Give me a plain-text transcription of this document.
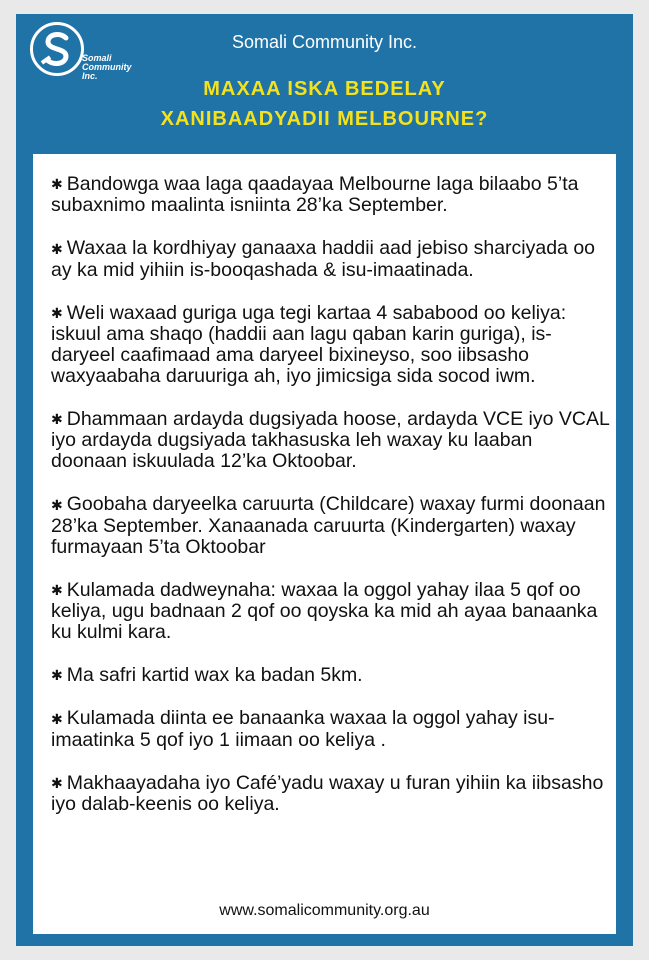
Somali
Community
Inc.
Somali Community Inc.
MAXAA ISKA BEDELAY
XANIBAADYADII MELBOURNE?
✱ Bandowga waa laga qaadayaa Melbourne laga bilaabo 5’ta subaxnimo maalinta isniinta 28’ka September.
✱ Waxaa la kordhiyay ganaaxa haddii aad jebiso sharciyada oo ay ka mid yihiin is-booqashada & isu-imaatinada.
✱ Weli waxaad guriga uga tegi kartaa 4 sababood oo keliya: iskuul ama shaqo (haddii aan lagu qaban karin guriga), is-daryeel caafimaad ama daryeel bixineyso, soo iibsasho waxyaabaha daruuriga ah, iyo jimicsiga sida socod iwm.
✱ Dhammaan ardayda dugsiyada hoose, ardayda VCE iyo VCAL iyo ardayda dugsiyada takhasuska leh waxay ku laaban doonaan iskuulada 12’ka Oktoobar.
✱ Goobaha daryeelka caruurta (Childcare) waxay furmi doonaan 28’ka September. Xanaanada caruurta (Kindergarten) waxay furmayaan 5’ta Oktoobar
✱ Kulamada dadweynaha: waxaa la oggol yahay ilaa 5 qof oo keliya, ugu badnaan 2 qof oo qoyska ka mid ah ayaa banaanka ku kulmi kara.
✱ Ma safri kartid wax ka badan 5km.
✱ Kulamada diinta ee banaanka waxaa la oggol yahay isu-imaatinka 5 qof iyo 1 iimaan oo keliya .
✱ Makhaayadaha iyo Café’yadu waxay u furan yihiin ka iibsasho iyo dalab-keenis oo keliya.
www.somalicommunity.org.au
